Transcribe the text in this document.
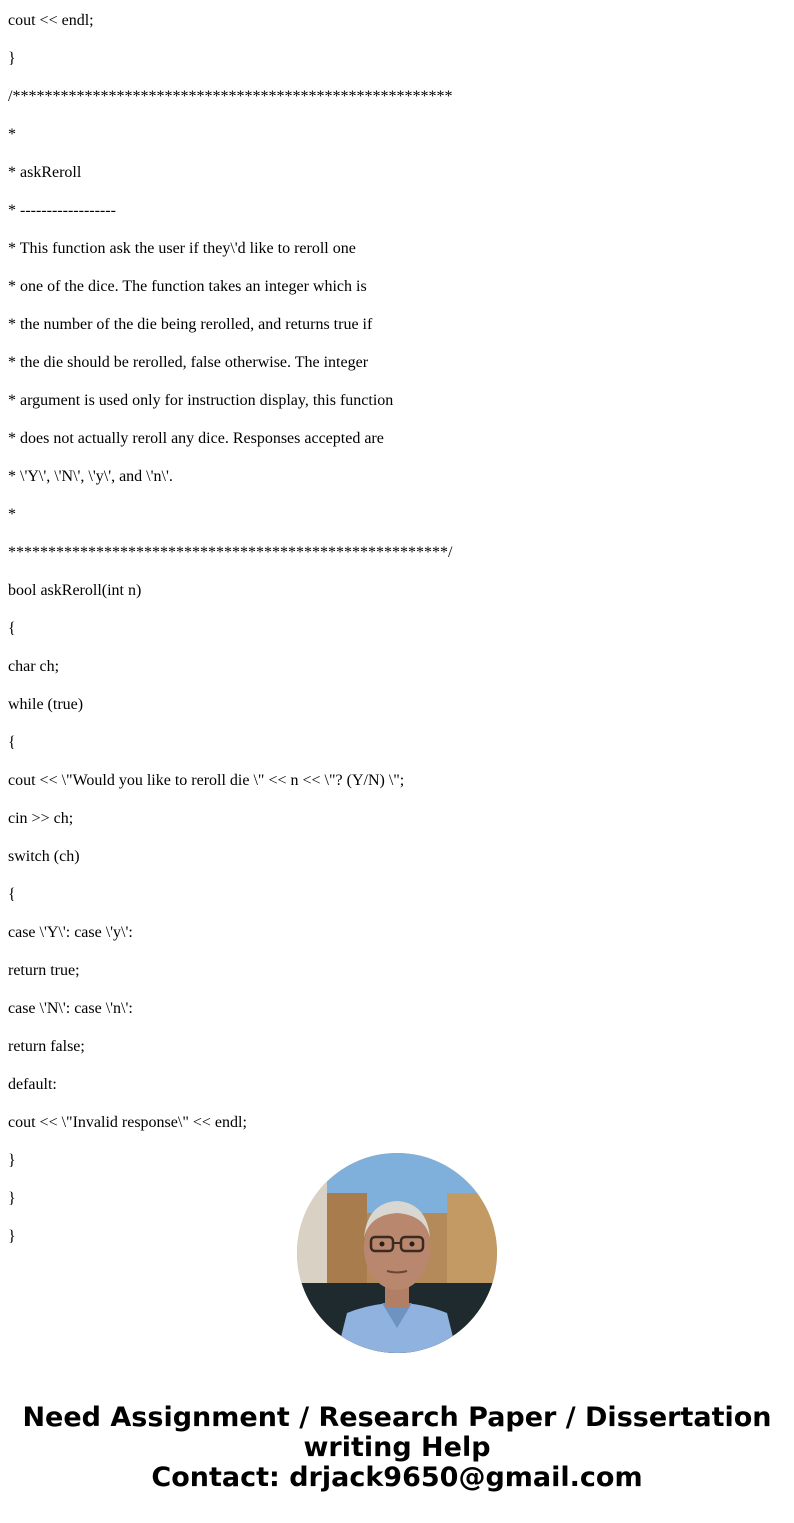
cout << endl;
}
/*******************************************************
*
* askReroll
* ------------------
* This function ask the user if they\'d like to reroll one
* one of the dice. The function takes an integer which is
* the number of the die being rerolled, and returns true if
* the die should be rerolled, false otherwise. The integer
* argument is used only for instruction display, this function
* does not actually reroll any dice. Responses accepted are
* \'Y\', \'N\', \'y\', and \'n\'.
*
*******************************************************/
bool askReroll(int n)
{
char ch;
while (true)
{
cout << \"Would you like to reroll die \" << n << \"? (Y/N) \";
cin >> ch;
switch (ch)
{
case \'Y\': case \'y\':
return true;
case \'N\': case \'n\':
return false;
default:
cout << \"Invalid response\" << endl;
}
}
}
Need Assignment / Research Paper / Dissertation
writing Help
Contact: drjack9650@gmail.com
